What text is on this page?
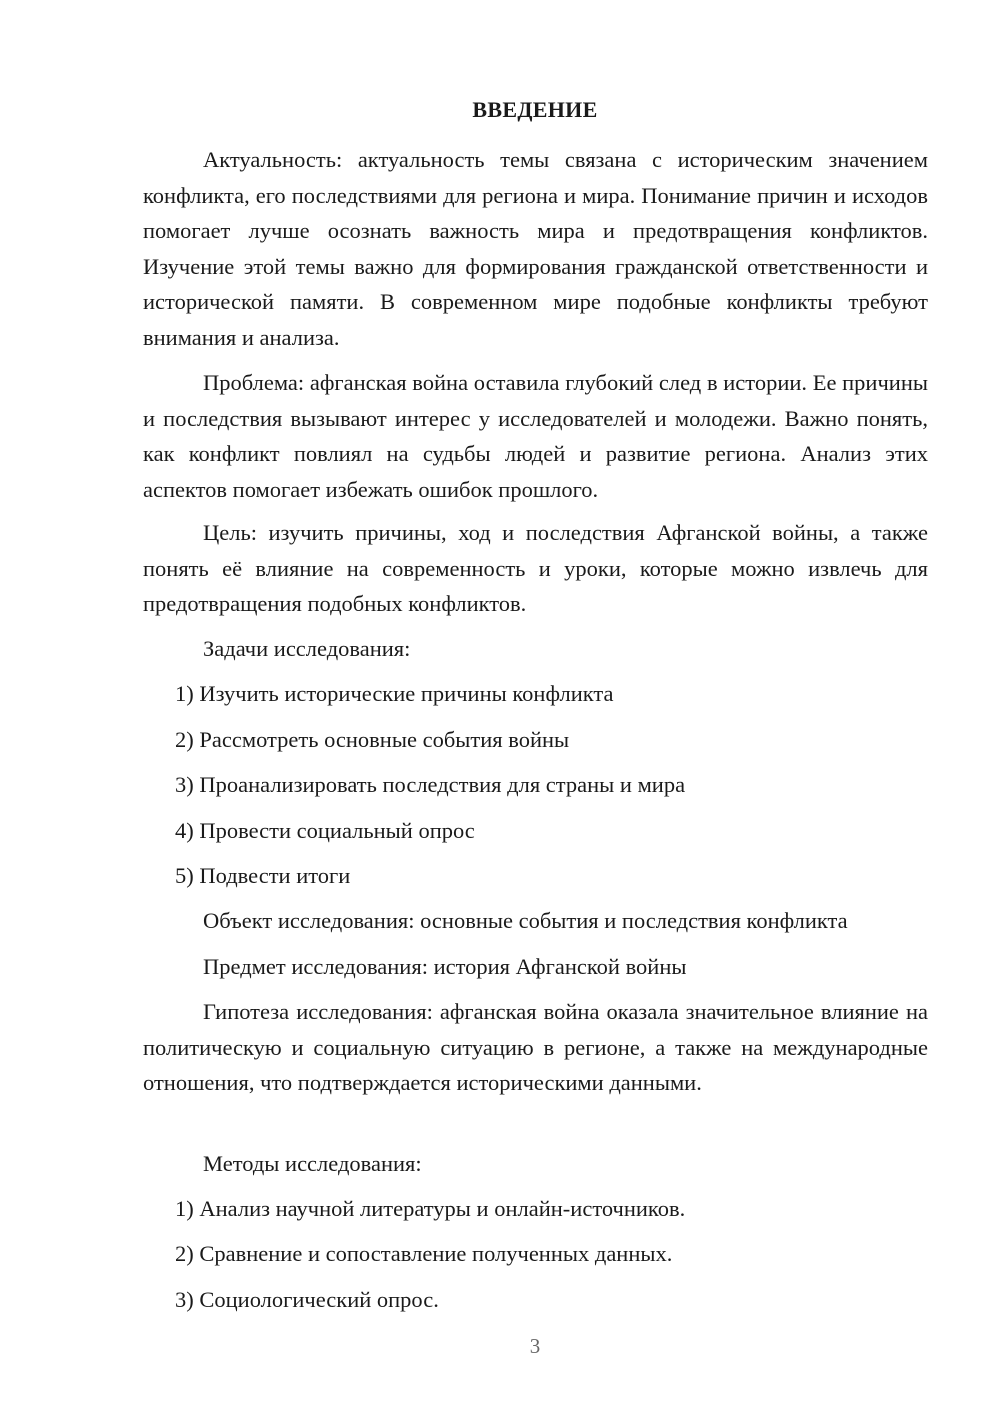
ВВЕДЕНИЕ

Актуальность: актуальность темы связана с историческим значением конфликта, его последствиями для региона и мира. Понимание причин и исходов помогает лучше осознать важность мира и предотвращения конфликтов. Изучение этой темы важно для формирования гражданской ответственности и исторической памяти. В современном мире подобные конфликты требуют внимания и анализа.

Проблема: афганская война оставила глубокий след в истории. Ее причины и последствия вызывают интерес у исследователей и молодежи. Важно понять, как конфликт повлиял на судьбы людей и развитие региона. Анализ этих аспектов помогает избежать ошибок прошлого.

Цель: изучить причины, ход и последствия Афганской войны, а также понять её влияние на современность и уроки, которые можно извлечь для предотвращения подобных конфликтов.

Задачи исследования:

1) Изучить исторические причины конфликта

2) Рассмотреть основные события войны

3) Проанализировать последствия для страны и мира

4) Провести социальный опрос

5) Подвести итоги

Объект исследования: основные события и последствия конфликта

Предмет исследования: история Афганской войны

Гипотеза исследования: афганская война оказала значительное влияние на политическую и социальную ситуацию в регионе, а также на международные отношения, что подтверждается историческими данными.

Методы исследования:

1) Анализ научной литературы и онлайн-источников.

2) Сравнение и сопоставление полученных данных.

3) Социологический опрос.

3
